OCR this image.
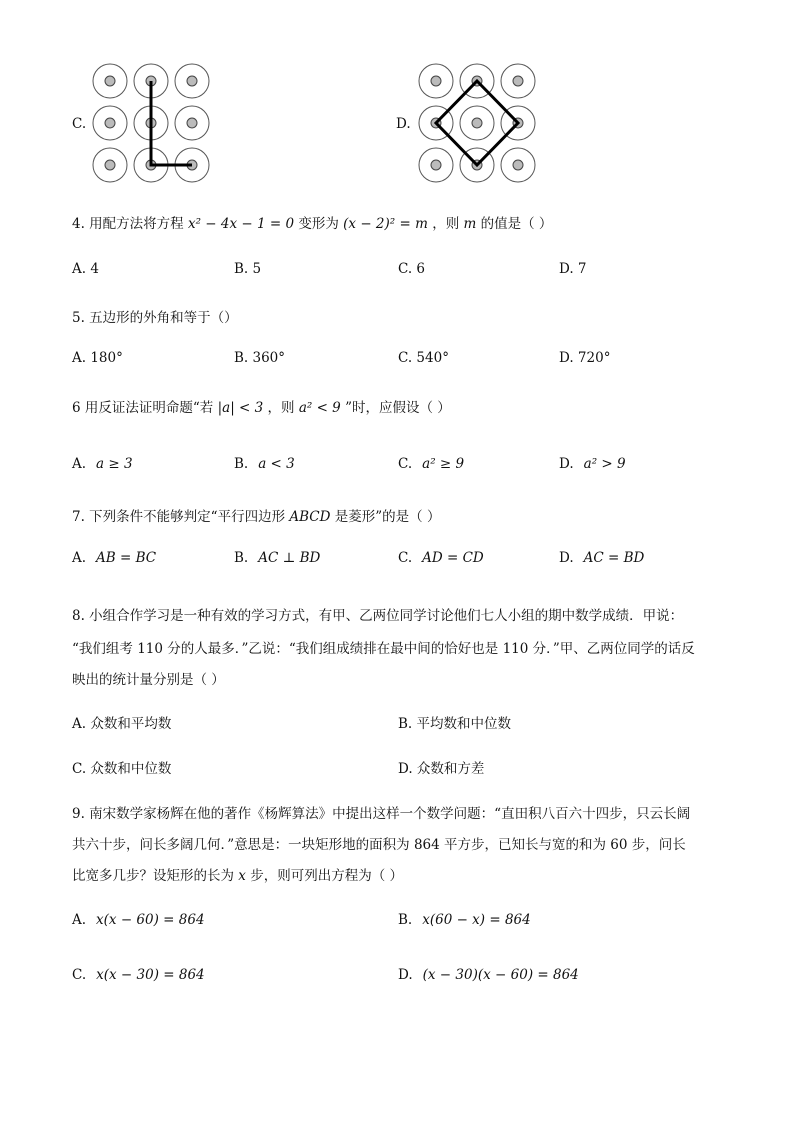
C.	D.
4. 用配方法将方程 x² − 4x − 1 = 0 变形为 (x − 2)² = m ，则 m 的值是（ ）
A. 4	B. 5	C. 6	D. 7
5. 五边形的外角和等于（）
A. 180°	B. 360°	C. 540°	D. 720°
6 用反证法证明命题“若 |a| < 3 ，则 a² < 9 ”时，应假设（ ）
A. a ≥ 3	B. a < 3	C. a² ≥ 9	D. a² > 9
7. 下列条件不能够判定“平行四边形 ABCD 是菱形”的是（ ）
A. AB = BC	B. AC ⊥ BD	C. AD = CD	D. AC = BD
8. 小组合作学习是一种有效的学习方式，有甲、乙两位同学讨论他们七人小组的期中数学成绩．甲说：
“我们组考 110 分的人最多．”乙说：“我们组成绩排在最中间的恰好也是 110 分．”甲、乙两位同学的话反
映出的统计量分别是（ ）
A. 众数和平均数	B. 平均数和中位数
C. 众数和中位数	D. 众数和方差
9. 南宋数学家杨辉在他的著作《杨辉算法》中提出这样一个数学问题：“直田积八百六十四步，只云长阔
共六十步，问长多阔几何．”意思是：一块矩形地的面积为 864 平方步，已知长与宽的和为 60 步，问长
比宽多几步？设矩形的长为 x 步，则可列出方程为（ ）
A. x(x − 60) = 864	B. x(60 − x) = 864
C. x(x − 30) = 864	D. (x − 30)(x − 60) = 864
